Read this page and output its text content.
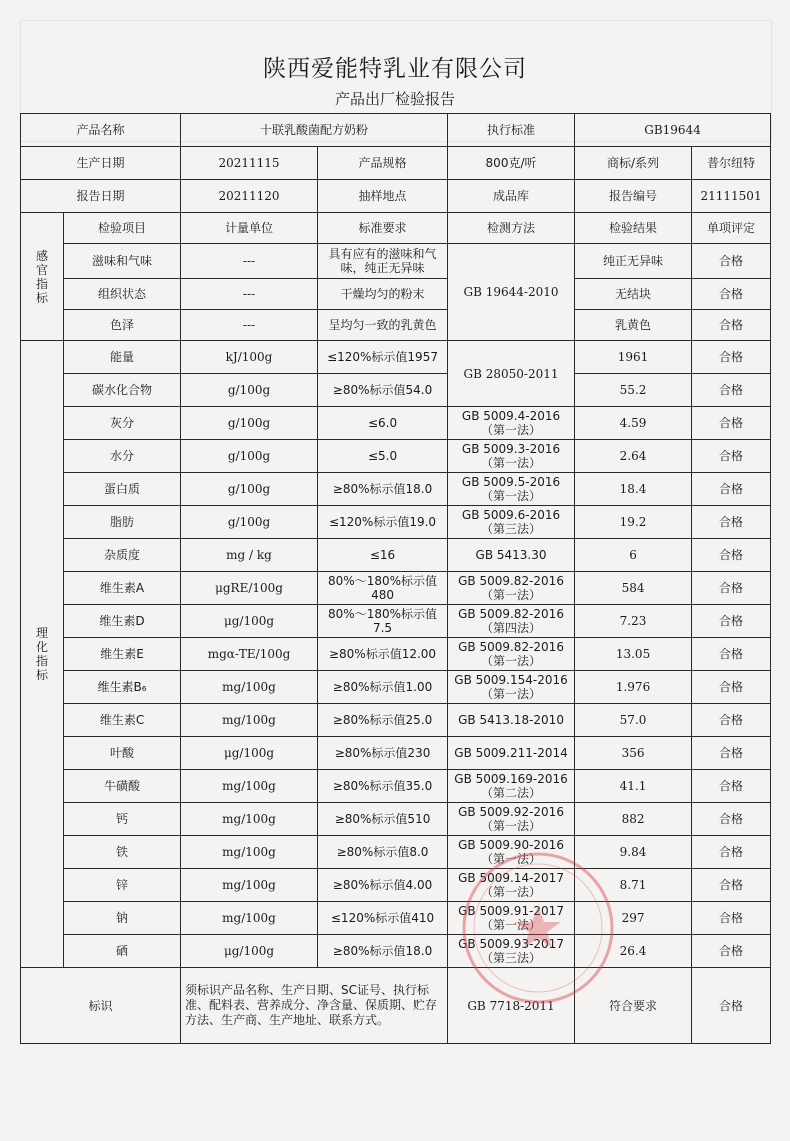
陕西爱能特乳业有限公司
产品出厂检验报告
产品名称		十联乳酸菌配方奶粉		执行标准	GB19644	
生产日期		20211115	产品规格	800克/听	商标/系列	普尔纽特
报告日期		20211120	抽样地点	成品库	报告编号	21111501
感
官
指
标	检验项目	计量单位	标准要求	检测方法	检验结果	单项评定
	滋味和气味	---	具有应有的滋味和气味，纯正无异味	GB 19644-2010	纯正无异味	合格
	组织状态	---	干燥均匀的粉末		无结块	合格
	色泽	---	呈均匀一致的乳黄色		乳黄色	合格
理
化
指
标	能量	kJ/100g	≤120%标示值1957	GB 28050-2011	1961	合格
	碳水化合物	g/100g	≥80%标示值54.0		55.2	合格
	灰分	g/100g	≤6.0	GB 5009.4-2016（第一法）	4.59	合格
	水分	g/100g	≤5.0	GB 5009.3-2016（第一法）	2.64	合格
	蛋白质	g/100g	≥80%标示值18.0	GB 5009.5-2016（第一法）	18.4	合格
	脂肪	g/100g	≤120%标示值19.0	GB 5009.6-2016（第三法）	19.2	合格
	杂质度	mg / kg	≤16	GB 5413.30	6	合格
	维生素A	μgRE/100g	80%～180%标示值480	GB 5009.82-2016（第一法）	584	合格
	维生素D	μg/100g	80%～180%标示值7.5	GB 5009.82-2016（第四法）	7.23	合格
	维生素E	mgα-TE/100g	≥80%标示值12.00	GB 5009.82-2016（第一法）	13.05	合格
	维生素B₆	mg/100g	≥80%标示值1.00	GB 5009.154-2016（第一法）	1.976	合格
	维生素C	mg/100g	≥80%标示值25.0	GB 5413.18-2010	57.0	合格
	叶酸	μg/100g	≥80%标示值230	GB 5009.211-2014	356	合格
	牛磺酸	mg/100g	≥80%标示值35.0	GB 5009.169-2016（第二法）	41.1	合格
	钙	mg/100g	≥80%标示值510	GB 5009.92-2016（第一法）	882	合格
	铁	mg/100g	≥80%标示值8.0	GB 5009.90-2016（第一法）	9.84	合格
	锌	mg/100g	≥80%标示值4.00	GB 5009.14-2017（第一法）	8.71	合格
	钠	mg/100g	≤120%标示值410	GB 5009.91-2017（第一法）	297	合格
	硒	μg/100g	≥80%标示值18.0	GB 5009.93-2017（第三法）	26.4	合格
标识		须标识产品名称、生产日期、SC证号、执行标准、配料表、营养成分、净含量、保质期、贮存方法、生产商、生产地址、联系方式。		GB 7718-2011	符合要求	合格
